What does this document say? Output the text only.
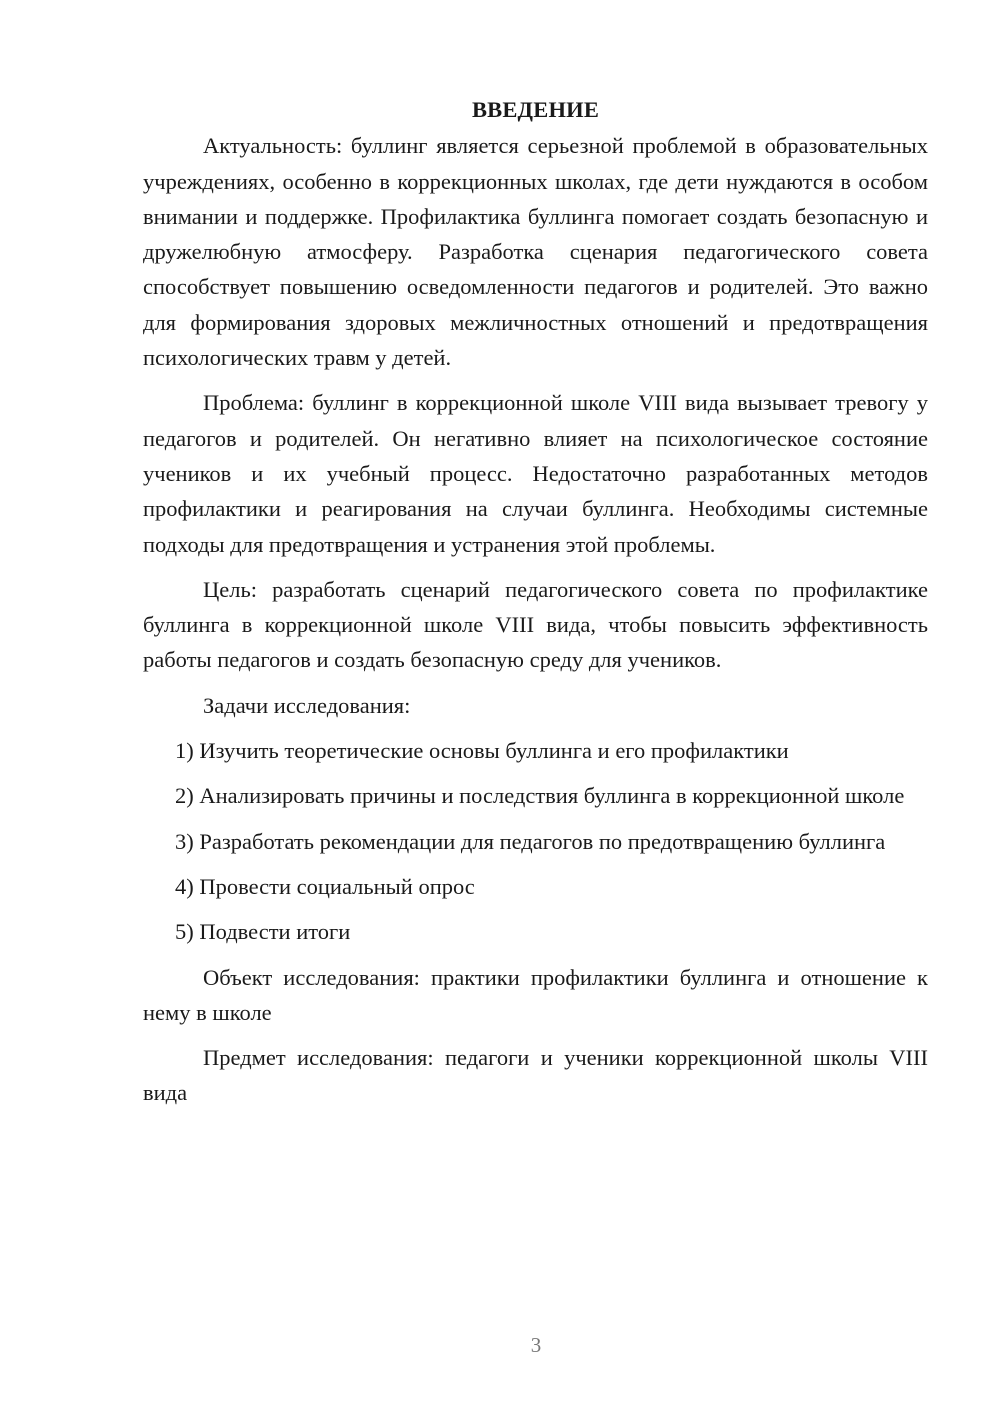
ВВЕДЕНИЕ

Актуальность: буллинг является серьезной проблемой в образовательных учреждениях, особенно в коррекционных школах, где дети нуждаются в особом внимании и поддержке. Профилактика буллинга помогает создать безопасную и дружелюбную атмосферу. Разработка сценария педагогического совета способствует повышению осведомленности педагогов и родителей. Это важно для формирования здоровых межличностных отношений и предотвращения психологических травм у детей.

Проблема: буллинг в коррекционной школе VIII вида вызывает тревогу у педагогов и родителей. Он негативно влияет на психологическое состояние учеников и их учебный процесс. Недостаточно разработанных методов профилактики и реагирования на случаи буллинга. Необходимы системные подходы для предотвращения и устранения этой проблемы.

Цель: разработать сценарий педагогического совета по профилактике буллинга в коррекционной школе VIII вида, чтобы повысить эффективность работы педагогов и создать безопасную среду для учеников.

Задачи исследования:

1) Изучить теоретические основы буллинга и его профилактики

2) Анализировать причины и последствия буллинга в коррекционной школе

3) Разработать рекомендации для педагогов по предотвращению буллинга

4) Провести социальный опрос

5) Подвести итоги

Объект исследования: практики профилактики буллинга и отношение к нему в школе

Предмет исследования: педагоги и ученики коррекционной школы VIII вида

3
